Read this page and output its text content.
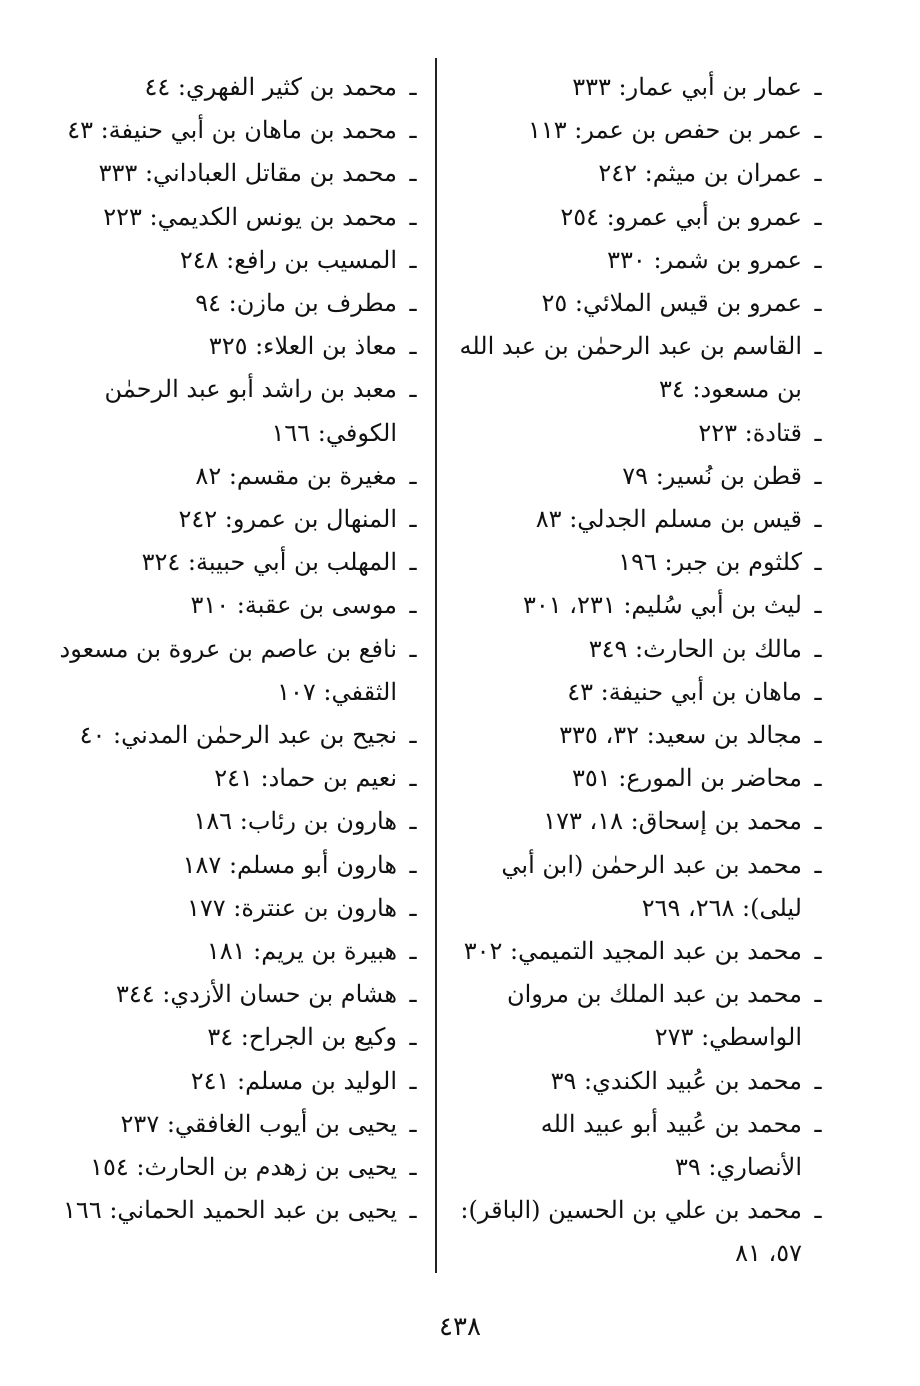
ـ
عمار بن أبي عمار: ٣٣٣
ـ
عمر بن حفص بن عمر: ١١٣
ـ
عمران بن ميثم: ٢٤٢
ـ
عمرو بن أبي عمرو: ٢٥٤
ـ
عمرو بن شمر: ٣٣٠
ـ
عمرو بن قيس الملائي: ٢٥
ـ
القاسم بن عبد الرحمٰن بن عبد الله بن مسعود: ٣٤
ـ
قتادة: ٢٢٣
ـ
قطن بن نُسير: ٧٩
ـ
قيس بن مسلم الجدلي: ٨٣
ـ
كلثوم بن جبر: ١٩٦
ـ
ليث بن أبي سُليم: ٢٣١، ٣٠١
ـ
مالك بن الحارث: ٣٤٩
ـ
ماهان بن أبي حنيفة: ٤٣
ـ
مجالد بن سعيد: ٣٢، ٣٣٥
ـ
محاضر بن المورع: ٣٥١
ـ
محمد بن إسحاق: ١٨، ١٧٣
ـ
محمد بن عبد الرحمٰن (ابن أبي ليلى): ٢٦٨، ٢٦٩
ـ
محمد بن عبد المجيد التميمي: ٣٠٢
ـ
محمد بن عبد الملك بن مروان الواسطي: ٢٧٣
ـ
محمد بن عُبيد الكندي: ٣٩
ـ
محمد بن عُبيد أبو عبيد الله الأنصاري: ٣٩
ـ
محمد بن علي بن الحسين (الباقر): ٥٧، ٨١
ـ
محمد بن كثير الفهري: ٤٤
ـ
محمد بن ماهان بن أبي حنيفة: ٤٣
ـ
محمد بن مقاتل العباداني: ٣٣٣
ـ
محمد بن يونس الكديمي: ٢٢٣
ـ
المسيب بن رافع: ٢٤٨
ـ
مطرف بن مازن: ٩٤
ـ
معاذ بن العلاء: ٣٢٥
ـ
معبد بن راشد أبو عبد الرحمٰن الكوفي: ١٦٦
ـ
مغيرة بن مقسم: ٨٢
ـ
المنهال بن عمرو: ٢٤٢
ـ
المهلب بن أبي حبيبة: ٣٢٤
ـ
موسى بن عقبة: ٣١٠
ـ
نافع بن عاصم بن عروة بن مسعود الثقفي: ١٠٧
ـ
نجيح بن عبد الرحمٰن المدني: ٤٠
ـ
نعيم بن حماد: ٢٤١
ـ
هارون بن رئاب: ١٨٦
ـ
هارون أبو مسلم: ١٨٧
ـ
هارون بن عنترة: ١٧٧
ـ
هبيرة بن يريم: ١٨١
ـ
هشام بن حسان الأزدي: ٣٤٤
ـ
وكيع بن الجراح: ٣٤
ـ
الوليد بن مسلم: ٢٤١
ـ
يحيى بن أيوب الغافقي: ٢٣٧
ـ
يحيى بن زهدم بن الحارث: ١٥٤
ـ
يحيى بن عبد الحميد الحماني: ١٦٦
٤٣٨
